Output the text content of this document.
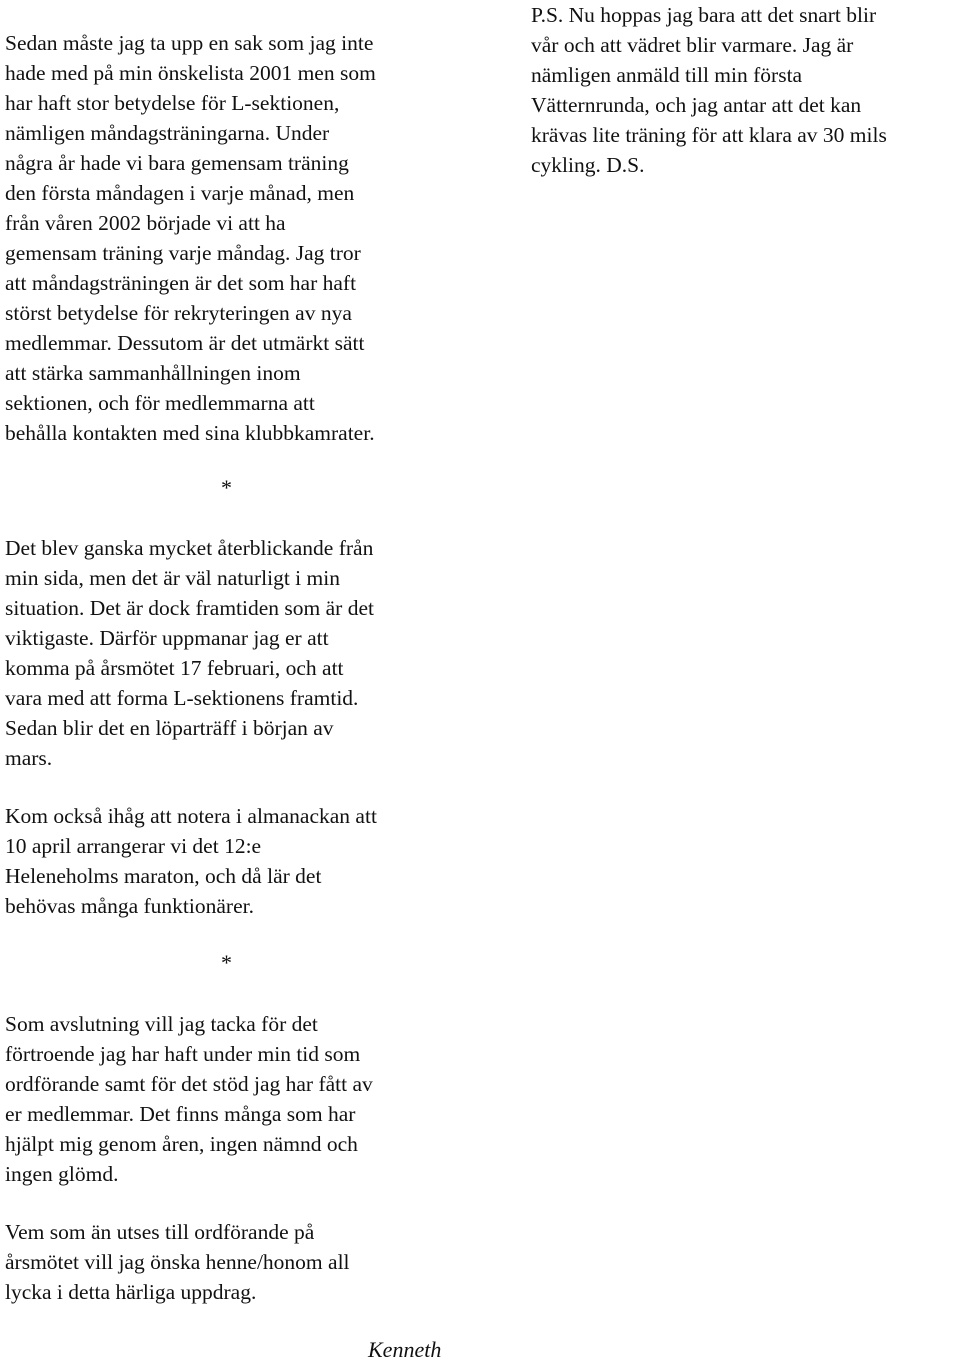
Sedan måste jag ta upp en sak som jag inte
hade med på min önskelista 2001 men som
har haft stor betydelse för L-sektionen,
nämligen måndagsträningarna. Under
några år hade vi bara gemensam träning
den första måndagen i varje månad, men
från våren 2002 började vi att ha
gemensam träning varje måndag. Jag tror
att måndagsträningen är det som har haft
störst betydelse för rekryteringen av nya
medlemmar. Dessutom är det utmärkt sätt
att stärka sammanhållningen inom
sektionen, och för medlemmarna att
behålla kontakten med sina klubbkamrater.

*

Det blev ganska mycket återblickande från
min sida, men det är väl naturligt i min
situation. Det är dock framtiden som är det
viktigaste. Därför uppmanar jag er att
komma på årsmötet 17 februari, och att
vara med att forma L-sektionens framtid.
Sedan blir det en löparträff i början av
mars.

Kom också ihåg att notera i almanackan att
10 april arrangerar vi det 12:e
Heleneholms maraton, och då lär det
behövas många funktionärer.

*

Som avslutning vill jag tacka för det
förtroende jag har haft under min tid som
ordförande samt för det stöd jag har fått av
er medlemmar. Det finns många som har
hjälpt mig genom åren, ingen nämnd och
ingen glömd.

Vem som än utses till ordförande på
årsmötet vill jag önska henne/honom all
lycka i detta härliga uppdrag.

Kenneth

P.S. Nu hoppas jag bara att det snart blir
vår och att vädret blir varmare. Jag är
nämligen anmäld till min första
Vätternrunda, och jag antar att det kan
krävas lite träning för att klara av 30 mils
cykling. D.S.
